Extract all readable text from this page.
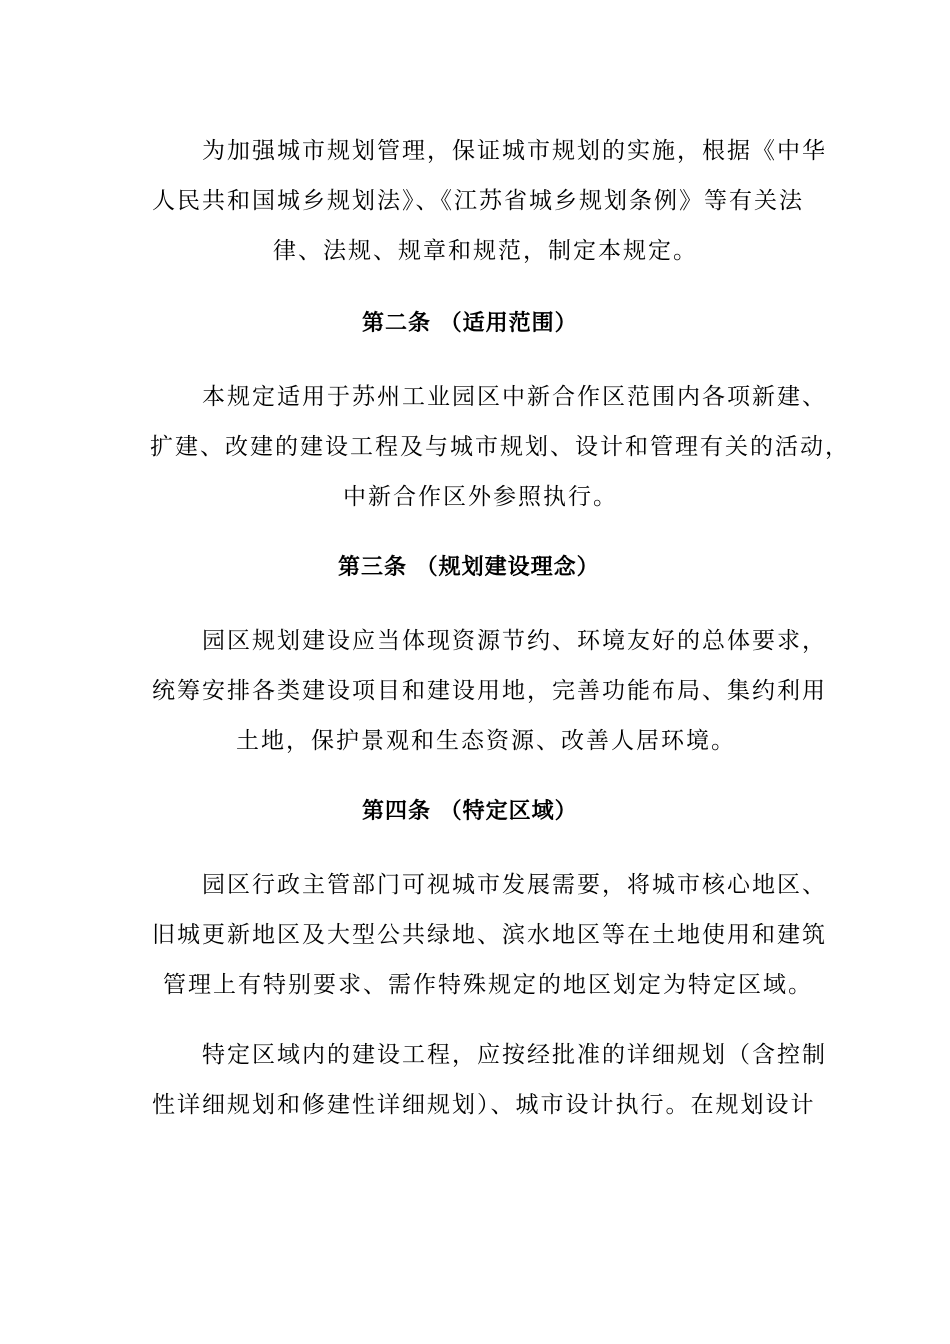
为加强城市规划管理，保证城市规划的实施，根据《中华
人民共和国城乡规划法》、《江苏省城乡规划条例》等有关法
律、法规、规章和规范，制定本规定。
第二条 （适用范围）
本规定适用于苏州工业园区中新合作区范围内各项新建、
扩建、改建的建设工程及与城市规划、设计和管理有关的活动，
中新合作区外参照执行。
第三条 （规划建设理念）
园区规划建设应当体现资源节约、环境友好的总体要求，
统筹安排各类建设项目和建设用地，完善功能布局、集约利用
土地，保护景观和生态资源、改善人居环境。
第四条 （特定区域）
园区行政主管部门可视城市发展需要，将城市核心地区、
旧城更新地区及大型公共绿地、滨水地区等在土地使用和建筑
管理上有特别要求、需作特殊规定的地区划定为特定区域。
特定区域内的建设工程，应按经批准的详细规划（含控制
性详细规划和修建性详细规划）、城市设计执行。在规划设计
